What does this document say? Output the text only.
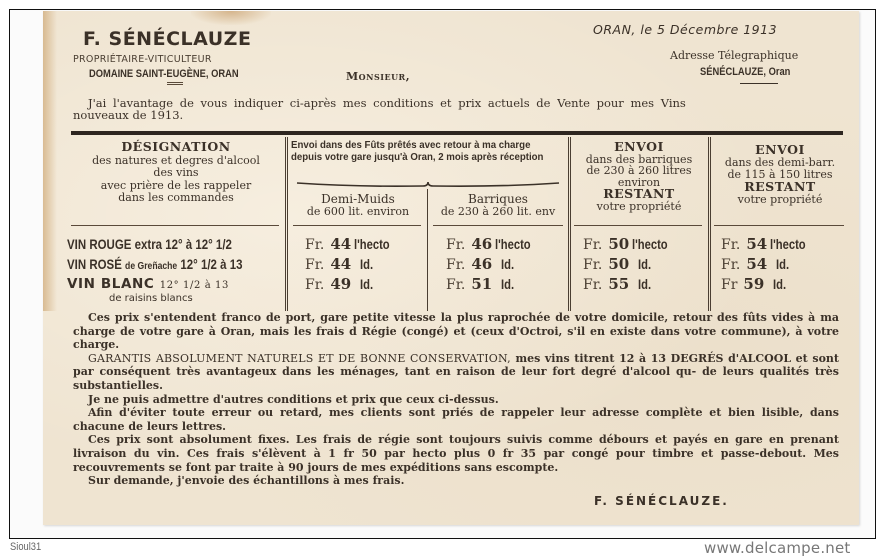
F. SÉNÉCLAUZE
PROPRIÉTAIRE-VITICULTEUR
DOMAINE SAINT-EUGÈNE, ORAN	Monsieur,
ORAN, le 5 Décembre 1913
Adresse Télegraphique
SÉNÉCLAUZE, Oran
J'ai l'avantage de vous indiquer ci-après mes conditions et prix actuels de Vente pour mes Vins
nouveaux de 1913.
DÉSIGNATION
des natures et degres d'alcool
des vins
avec prière de les rappeler
dans les commandes
Envoi dans des Fûts prêtés avec retour à ma charge depuis votre gare jusqu'à Oran, 2 mois après réception
Demi-Muids
de 600 lit. environ
Barriques
de 230 à 260 lit. env
ENVOI
dans des barriques
de 230 à 260 litres
environ
RESTANT
votre propriété
ENVOI
dans des demi-barr.
de 115 à 150 litres
RESTANT
votre propriété
VIN ROUGE extra 12° à 12° 1/2
VIN ROSÉ de Greñache 12° 1/2 à 13
VIN BLANC 12° 1/2 à 13
de raisins blancs
Fr. 44 l'hecto
Fr. 44 Id.
Fr. 49 Id.
Fr. 46 l'hecto
Fr. 46 Id.
Fr. 51 Id.
Fr. 50 l'hecto
Fr. 50 Id.
Fr. 55 Id.
Fr. 54 l'hecto
Fr. 54 Id.
Fr 59 Id.

Ces prix s'entendent franco de port, gare petite vitesse la plus raprochée de votre domicile, retour des fûts vides à ma charge de votre gare à Oran, mais les frais d Régie (congé) et (ceux d'Octroi, s'il en existe dans votre commune), à votre charge.

GARANTIS ABSOLUMENT NATURELS ET DE BONNE CONSERVATION, mes vins titrent 12 à 13 DEGRÉS d'ALCOOL et sont par conséquent très avantageux dans les ménages, tant en raison de leur fort degré d'alcool qu- de leurs qualités très substantielles.

Je ne puis admettre d'autres conditions et prix que ceux ci-dessus.

Afin d'éviter toute erreur ou retard, mes clients sont priés de rappeler leur adresse complète et bien lisible, dans chacune de leurs lettres.

Ces prix sont absolument fixes. Les frais de régie sont toujours suivis comme débours et payés en gare en prenant livraison du vin. Ces frais s'élèvent à 1 fr 50 par hecto plus 0 fr 35 par congé pour timbre et passe-debout. Mes recouvrements se font par traite à 90 jours de mes expéditions sans escompte.

Sur demande, j'envoie des échantillons à mes frais.

F. SÉNÉCLAUZE.
Sioul31	www.delcampe.net
